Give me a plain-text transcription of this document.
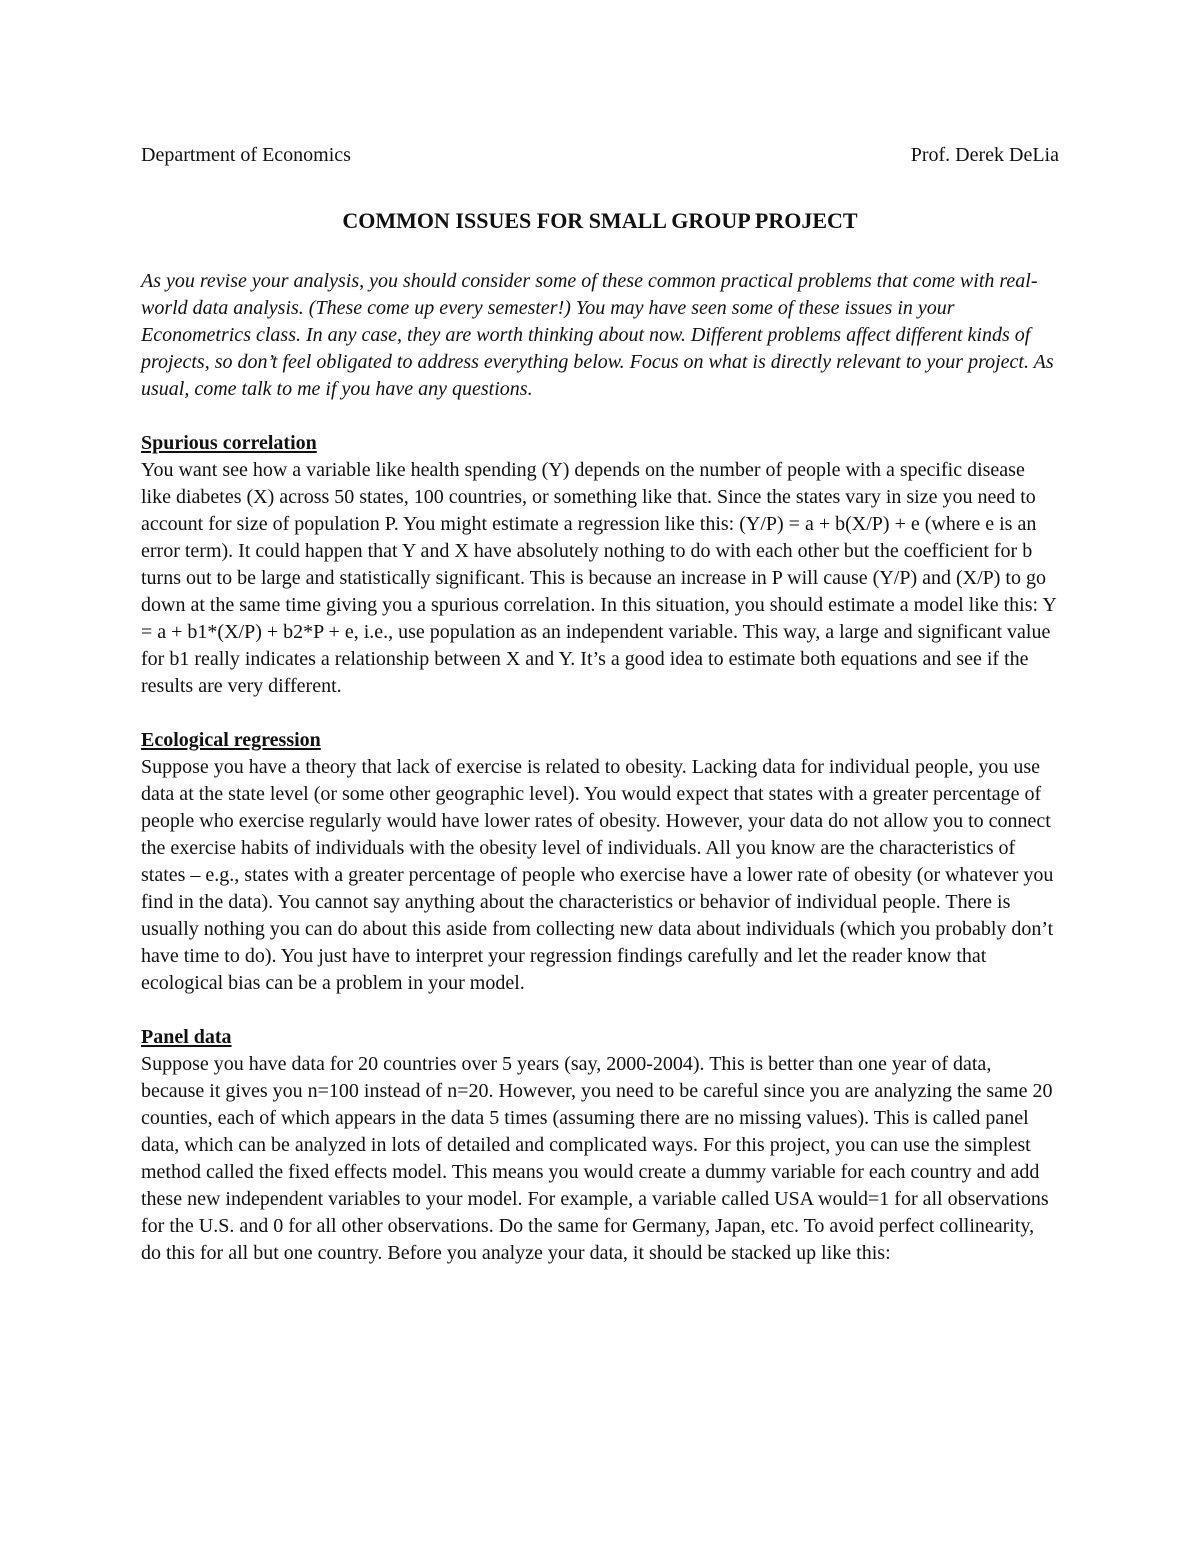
Department of Economics	Prof. Derek DeLia
COMMON ISSUES FOR SMALL GROUP PROJECT

As you revise your analysis, you should consider some of these common practical problems that come with real-world data analysis. (These come up every semester!) You may have seen some of these issues in your Econometrics class. In any case, they are worth thinking about now. Different problems affect different kinds of projects, so don’t feel obligated to address everything below. Focus on what is directly relevant to your project. As usual, come talk to me if you have any questions.

Spurious correlation

You want see how a variable like health spending (Y) depends on the number of people with a specific disease like diabetes (X) across 50 states, 100 countries, or something like that. Since the states vary in size you need to account for size of population P. You might estimate a regression like this: (Y/P) = a + b(X/P) + e (where e is an error term). It could happen that Y and X have absolutely nothing to do with each other but the coefficient for b turns out to be large and statistically significant. This is because an increase in P will cause (Y/P) and (X/P) to go down at the same time giving you a spurious correlation. In this situation, you should estimate a model like this: Y = a + b1*(X/P) + b2*P + e, i.e., use population as an independent variable. This way, a large and significant value for b1 really indicates a relationship between X and Y. It’s a good idea to estimate both equations and see if the results are very different.

Ecological regression

Suppose you have a theory that lack of exercise is related to obesity. Lacking data for individual people, you use data at the state level (or some other geographic level). You would expect that states with a greater percentage of people who exercise regularly would have lower rates of obesity. However, your data do not allow you to connect the exercise habits of individuals with the obesity level of individuals. All you know are the characteristics of states – e.g., states with a greater percentage of people who exercise have a lower rate of obesity (or whatever you find in the data). You cannot say anything about the characteristics or behavior of individual people. There is usually nothing you can do about this aside from collecting new data about individuals (which you probably don’t have time to do). You just have to interpret your regression findings carefully and let the reader know that ecological bias can be a problem in your model.

Panel data

Suppose you have data for 20 countries over 5 years (say, 2000-2004). This is better than one year of data, because it gives you n=100 instead of n=20. However, you need to be careful since you are analyzing the same 20 counties, each of which appears in the data 5 times (assuming there are no missing values). This is called panel data, which can be analyzed in lots of detailed and complicated ways. For this project, you can use the simplest method called the fixed effects model. This means you would create a dummy variable for each country and add these new independent variables to your model. For example, a variable called USA would=1 for all observations for the U.S. and 0 for all other observations. Do the same for Germany, Japan, etc. To avoid perfect collinearity, do this for all but one country. Before you analyze your data, it should be stacked up like this:
